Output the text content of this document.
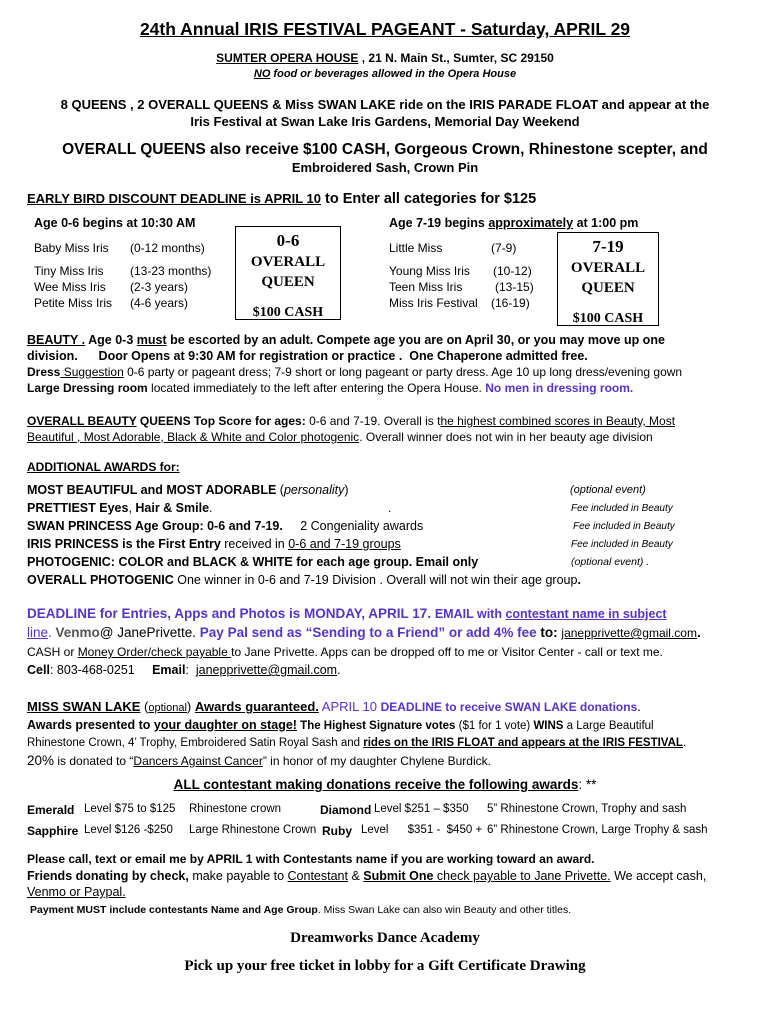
24th Annual IRIS FESTIVAL PAGEANT - Saturday, APRIL 29
SUMTER OPERA HOUSE , 21 N. Main St., Sumter, SC 29150
NO food or beverages allowed in the Opera House
8 QUEENS , 2 OVERALL QUEENS & Miss SWAN LAKE ride on the IRIS PARADE FLOAT and appear at the
Iris Festival at Swan Lake Iris Gardens, Memorial Day Weekend
OVERALL QUEENS also receive $100 CASH, Gorgeous Crown, Rhinestone scepter, and
Embroidered Sash, Crown Pin
EARLY BIRD DISCOUNT DEADLINE is APRIL 10 to Enter all categories for $125
Age 0-6 begins at 10:30 AM
Baby Miss Iris (0-12 months)
Tiny Miss Iris (13-23 months)
Wee Miss Iris (2-3 years)
Petite Miss Iris (4-6 years)
0-6
OVERALL
QUEEN
$100 CASH
Age 7-19 begins approximately at 1:00 pm
Little Miss	(7-9)
Young Miss Iris (10-12)
Teen Miss Iris	(13-15)
Miss Iris Festival (16-19)
7-19
OVERALL
QUEEN
$100 CASH
BEAUTY . Age 0-3 must be escorted by an adult. Compete age you are on April 30, or you may move up one
division.      Door Opens at 9:30 AM for registration or practice .  One Chaperone admitted free.
Dress Suggestion 0-6 party or pageant dress; 7-9 short or long pageant or party dress. Age 10 up long dress/evening gown
Large Dressing room located immediately to the left after entering the Opera House. No men in dressing room.
OVERALL BEAUTY QUEENS Top Score for ages: 0-6 and 7-19. Overall is the highest combined scores in Beauty, Most
Beautiful , Most Adorable, Black & White and Color photogenic. Overall winner does not win in her beauty age division
ADDITIONAL AWARDS for:
MOST BEAUTIFUL and MOST ADORABLE (personality)	(optional event)
PRETTIEST Eyes, Hair & Smile.	.	Fee included in Beauty
SWAN PRINCESS Age Group: 0-6 and 7-19.     2 Congeniality awards	Fee included in Beauty
IRIS PRINCESS is the First Entry received in 0-6 and 7-19 groups	Fee included in Beauty
PHOTOGENIC: COLOR and BLACK & WHITE for each age group. Email only	(optional event) .
OVERALL PHOTOGENIC One winner in 0-6 and 7-19 Division . Overall will not win their age group.
DEADLINE for Entries, Apps and Photos is MONDAY, APRIL 17. EMAIL with contestant name in subject
line. Venmo@ JanePrivette. Pay Pal send as “Sending to a Friend” or add 4% fee to: janepprivette@gmail.com.
CASH or Money Order/check payable to Jane Privette. Apps can be dropped off to me or Visitor Center - call or text me.
Cell: 803-468-0251     Email:  janepprivette@gmail.com.
MISS SWAN LAKE (optional) Awards guaranteed. APRIL 10 DEADLINE to receive SWAN LAKE donations.
Awards presented to your daughter on stage! The Highest Signature votes ($1 for 1 vote) WINS a Large Beautiful
Rhinestone Crown, 4’ Trophy, Embroidered Satin Royal Sash and rides on the IRIS FLOAT and appears at the IRIS FESTIVAL.
20% is donated to “Dancers Against Cancer” in honor of my daughter Chylene Burdick.
ALL contestant making donations receive the following awards: **
Emerald Level $75 to $125 Rhinestone crown	Diamond Level $251 – $350 5” Rhinestone Crown, Trophy and sash
Sapphire Level $126 -$250 Large Rhinestone Crown Ruby Level      $351 -  $450 + 6” Rhinestone Crown, Large Trophy & sash
Please call, text or email me by APRIL 1 with Contestants name if you are working toward an award.
Friends donating by check, make payable to Contestant & Submit One check payable to Jane Privette. We accept cash,
Venmo or Paypal.
Payment MUST include contestants Name and Age Group. Miss Swan Lake can also win Beauty and other titles.
Dreamworks Dance Academy
Pick up your free ticket in lobby for a Gift Certificate Drawing
